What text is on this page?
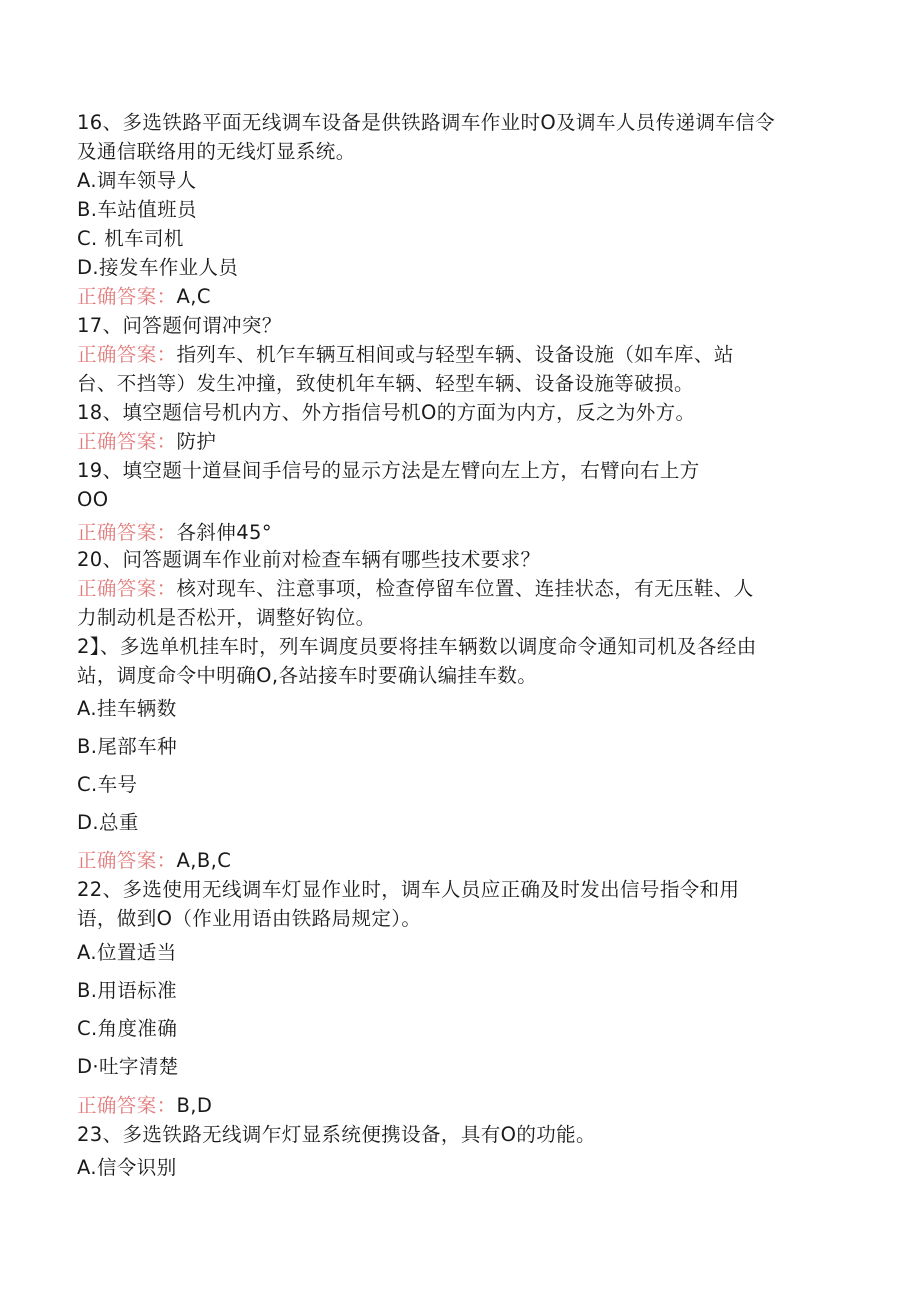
16、多选铁路平面无线调车设备是供铁路调车作业时O及调车人员传递调车信令
及通信联络用的无线灯显系统。
A.调车领导人
B.车站值班员
C. 机车司机
D.接发车作业人员
正确答案：A,C
17、问答题何谓冲突？
正确答案：指列车、机乍车辆互相间或与轻型车辆、设备设施（如车库、站
台、不挡等）发生冲撞，致使机年车辆、轻型车辆、设备设施等破损。
18、填空题信号机内方、外方指信号机O的方面为内方，反之为外方。
正确答案：防护
19、填空题十道昼间手信号的显示方法是左臂向左上方，右臂向右上方
OO
正确答案：各斜伸45°
20、问答题调车作业前对检查车辆有哪些技术要求？
正确答案：核对现车、注意事项，检查停留车位置、连挂状态，有无压鞋、人
力制动机是否松开，调整好钩位。
2】、多选单机挂车时，列车调度员要将挂车辆数以调度命令通知司机及各经由
站，调度命令中明确O,各站接车时要确认编挂车数。
A.挂车辆数
B.尾部车种
C.车号
D.总重
正确答案：A,B,C
22、多选使用无线调车灯显作业时，调车人员应正确及时发出信号指令和用
语，做到O（作业用语由铁路局规定）。
A.位置适当
B.用语标准
C.角度准确
D·吐字清楚
正确答案：B,D
23、多选铁路无线调乍灯显系统便携设备，具有O的功能。
A.信令识别
